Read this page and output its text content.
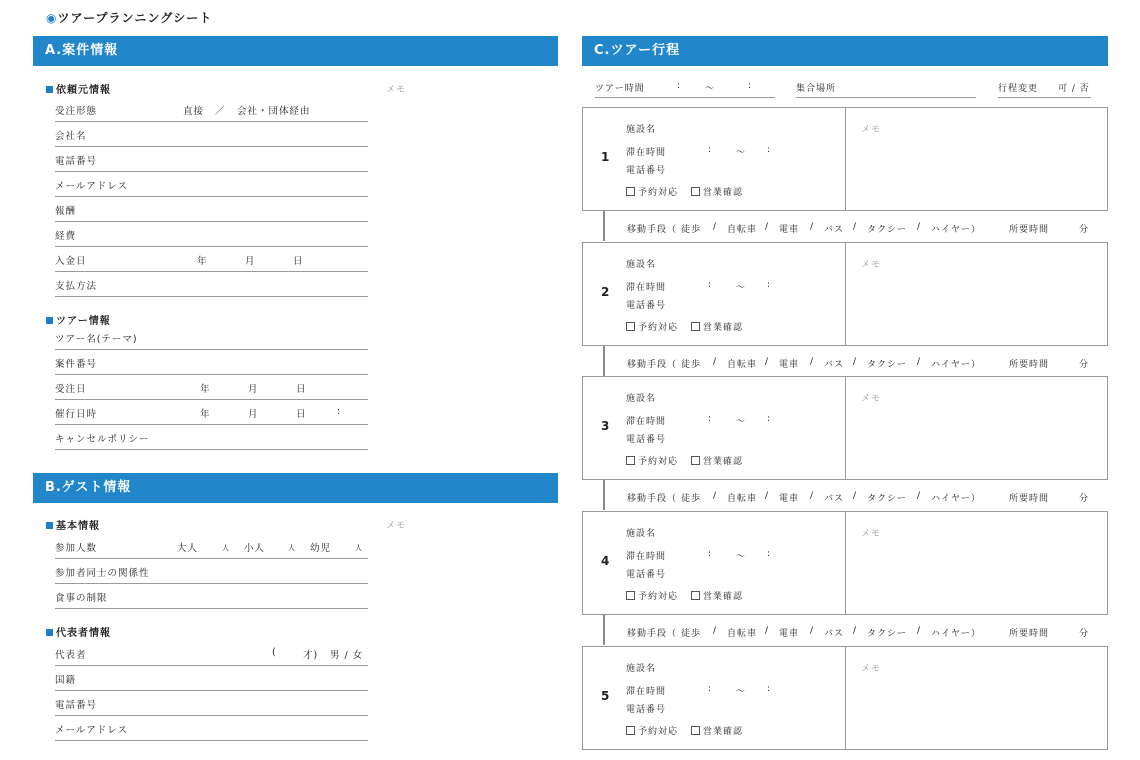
◉ツアープランニングシート
A.案件情報
依頼元情報	メモ
受注形態	直接 ／ 会社・団体経由
会社名
電話番号
メールアドレス
報酬
経費
入金日	年	月	日
支払方法
ツアー情報
ツアー名(テーマ)
案件番号
受注日	年	月	日
催行日時	年	月	日	:
キャンセルポリシー
B.ゲスト情報
基本情報	メモ
参加人数	大人	人 小人	人 幼児	人
参加者同士の関係性
食事の制限
代表者情報
代表者	(	才) 男 / 女
国籍
電話番号
メールアドレス
C.ツアー行程
ツアー時間	:	〜	:	集合場所	行程変更 可 / 否
1
施設名
滞在時間	:	〜 :
電話番号
予約対応	営業確認
メモ
2
施設名
滞在時間	:	〜 :
電話番号
予約対応	営業確認
メモ
3
施設名
滞在時間	:	〜 :
電話番号
予約対応	営業確認
メモ
4
施設名
滞在時間	:	〜 :
電話番号
予約対応	営業確認
メモ
5
施設名
滞在時間	:	〜 :
電話番号
予約対応	営業確認
メモ
移動手段（ 徒歩 / 自転車 / 電車 / バス / タクシー / ハイヤー ）	所要時間	分
移動手段（ 徒歩 / 自転車 / 電車 / バス / タクシー / ハイヤー ）	所要時間	分
移動手段（ 徒歩 / 自転車 / 電車 / バス / タクシー / ハイヤー ）	所要時間	分
移動手段（ 徒歩 / 自転車 / 電車 / バス / タクシー / ハイヤー ）	所要時間	分
